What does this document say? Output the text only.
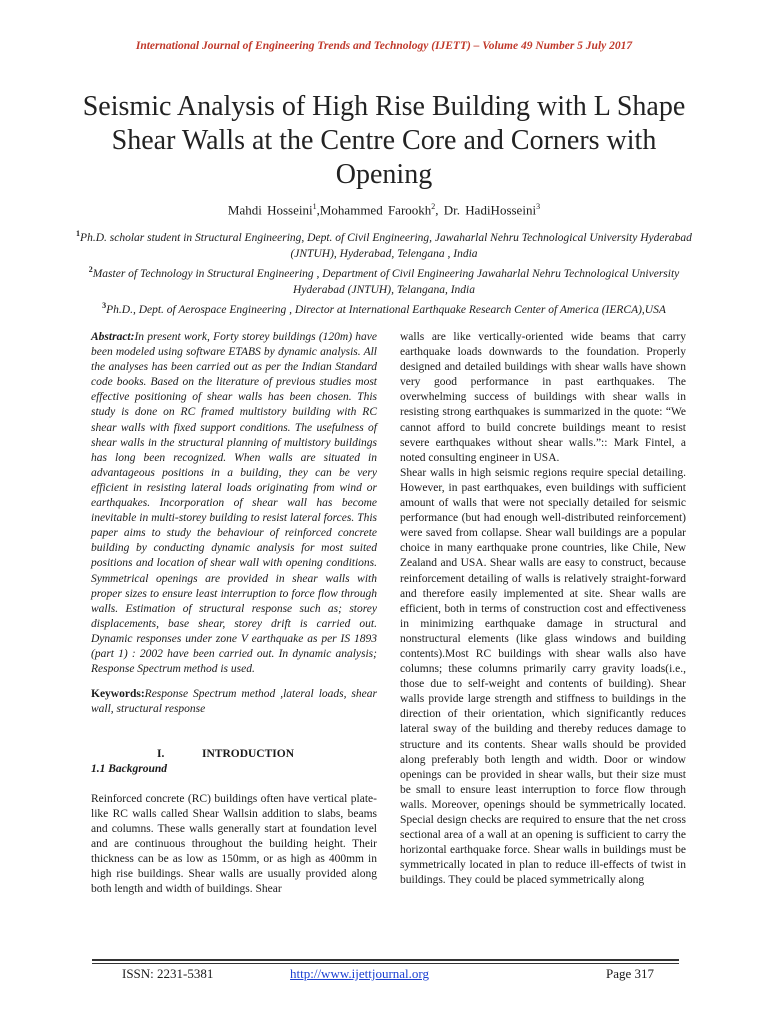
International Journal of Engineering Trends and Technology (IJETT) – Volume 49 Number 5 July 2017
Seismic Analysis of High Rise Building with L Shape Shear Walls at the Centre Core and Corners with Opening
Mahdi Hosseini$^1$,Mohammed Farookh$^2$, Dr. HadiHosseini$^3$
$^1$Ph.D. scholar student in Structural Engineering, Dept. of Civil Engineering, Jawaharlal Nehru Technological University Hyderabad (JNTUH), Hyderabad, Telengana , India
$^2$Master of Technology in Structural Engineering , Department of Civil Engineering Jawaharlal Nehru Technological University Hyderabad (JNTUH), Telangana, India
$^3$Ph.D., Dept. of Aerospace Engineering , Director at International Earthquake Research Center of America (IERCA),USA

Abstract:In present work, Forty storey buildings (120m) have been modeled using software ETABS by dynamic analysis. All the analyses has been carried out as per the Indian Standard code books. Based on the literature of previous studies most effective positioning of shear walls has been chosen. This study is done on RC framed multistory building with RC shear walls with fixed support conditions. The usefulness of shear walls in the structural planning of multistory buildings has long been recognized. When walls are situated in advantageous positions in a building, they can be very efficient in resisting lateral loads originating from wind or earthquakes. Incorporation of shear wall has become inevitable in multi-storey building to resist lateral forces. This paper aims to study the behaviour of reinforced concrete building by conducting dynamic analysis for most suited positions and location of shear wall with opening conditions. Symmetrical openings are provided in shear walls with proper sizes to ensure least interruption to force flow through walls. Estimation of structural response such as; storey displacements, base shear, storey drift is carried out. Dynamic responses under zone V earthquake as per IS 1893 (part 1) : 2002 have been carried out. In dynamic analysis; Response Spectrum method is used.

Keywords:Response Spectrum method ,lateral loads, shear wall, structural response

I.	INTRODUCTION

1.1 Background

Reinforced concrete (RC) buildings often have vertical plate-like RC walls called Shear Wallsin addition to slabs, beams and columns. These walls generally start at foundation level and are continuous throughout the building height. Their thickness can be as low as 150mm, or as high as 400mm in high rise buildings. Shear walls are usually provided along both length and width of buildings. Shear

walls are like vertically-oriented wide beams that carry earthquake loads downwards to the foundation. Properly designed and detailed buildings with shear walls have shown very good performance in past earthquakes. The overwhelming success of buildings with shear walls in resisting strong earthquakes is summarized in the quote: “We cannot afford to build concrete buildings meant to resist severe earthquakes without shear walls.”:: Mark Fintel, a noted consulting engineer in USA.

Shear walls in high seismic regions require special detailing. However, in past earthquakes, even buildings with sufficient amount of walls that were not specially detailed for seismic performance (but had enough well-distributed reinforcement) were saved from collapse. Shear wall buildings are a popular choice in many earthquake prone countries, like Chile, New Zealand and USA. Shear walls are easy to construct, because reinforcement detailing of walls is relatively straight-forward and therefore easily implemented at site. Shear walls are efficient, both in terms of construction cost and effectiveness in minimizing earthquake damage in structural and nonstructural elements (like glass windows and building contents).Most RC buildings with shear walls also have columns; these columns primarily carry gravity loads(i.e., those due to self-weight and contents of building). Shear walls provide large strength and stiffness to buildings in the direction of their orientation, which significantly reduces lateral sway of the building and thereby reduces damage to structure and its contents. Shear walls should be provided along preferably both length and width. Door or window openings can be provided in shear walls, but their size must be small to ensure least interruption to force flow through walls. Moreover, openings should be symmetrically located. Special design checks are required to ensure that the net cross sectional area of a wall at an opening is sufficient to carry the horizontal earthquake force. Shear walls in buildings must be symmetrically located in plan to reduce ill-effects of twist in buildings. They could be placed symmetrically along

ISSN: 2231-5381	http://www.ijettjournal.org	Page 317
